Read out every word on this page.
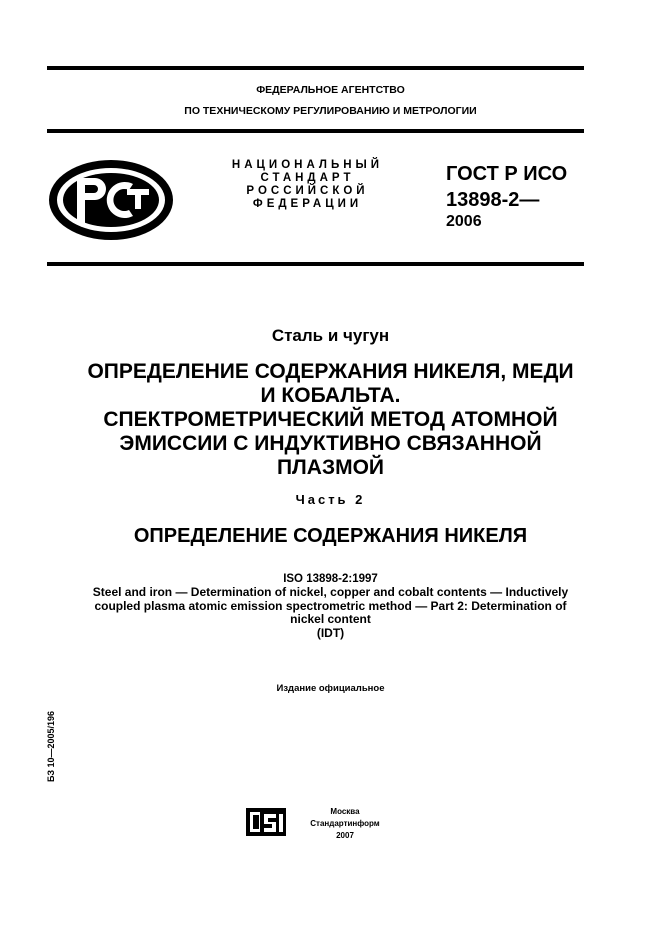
ФЕДЕРАЛЬНОЕ АГЕНТСТВО
ПО ТЕХНИЧЕСКОМУ РЕГУЛИРОВАНИЮ И МЕТРОЛОГИИ
НАЦИОНАЛЬНЫЙ
СТАНДАРТ
РОССИЙСКОЙ
ФЕДЕРАЦИИ
ГОСТ Р ИСО
13898-2—
2006
Сталь и чугун
ОПРЕДЕЛЕНИЕ СОДЕРЖАНИЯ НИКЕЛЯ, МЕДИ
И КОБАЛЬТА.
СПЕКТРОМЕТРИЧЕСКИЙ МЕТОД АТОМНОЙ
ЭМИССИИ С ИНДУКТИВНО СВЯЗАННОЙ
ПЛАЗМОЙ
Часть 2
ОПРЕДЕЛЕНИЕ СОДЕРЖАНИЯ НИКЕЛЯ
ISO 13898-2:1997
Steel and iron — Determination of nickel, copper and cobalt contents — Inductively
coupled plasma atomic emission spectrometric method — Part 2: Determination of
nickel content
(IDT)
Издание официальное
БЗ 10—2005/196
Москва
Стандартинформ
2007
